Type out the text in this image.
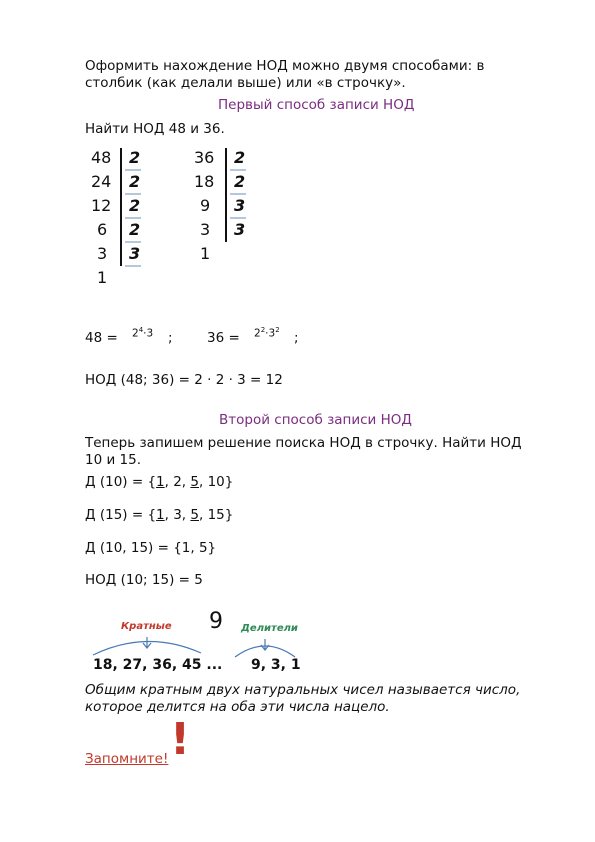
Оформить нахождение НОД можно двумя способами: в
столбик (как делали выше) или «в строчку».
Первый способ записи НОД
Найти НОД 48 и 36.
48
24
12
6
3
1
2
2
2
2
3
36
18
9
3
1
2
2
3
3
$48 = 2^4\cdot 3$ ;	$36 = 2^2\cdot 3^2$ ;
НОД (48; 36) = 2 · 2 · 3 = 12
Второй способ записи НОД
Теперь запишем решение поиска НОД в строчку. Найти НОД
10 и 15.
Д (10) = {1, 2, 5, 10}
Д (15) = {1, 3, 5, 15}
Д (10, 15) = {1, 5}
НОД (10; 15) = 5
Кратные 9 Делители
18, 27, 36, 45 ... 9, 3, 1
Общим кратным двух натуральных чисел называется число,
которое делится на оба эти числа нацело.
Запомните! !
